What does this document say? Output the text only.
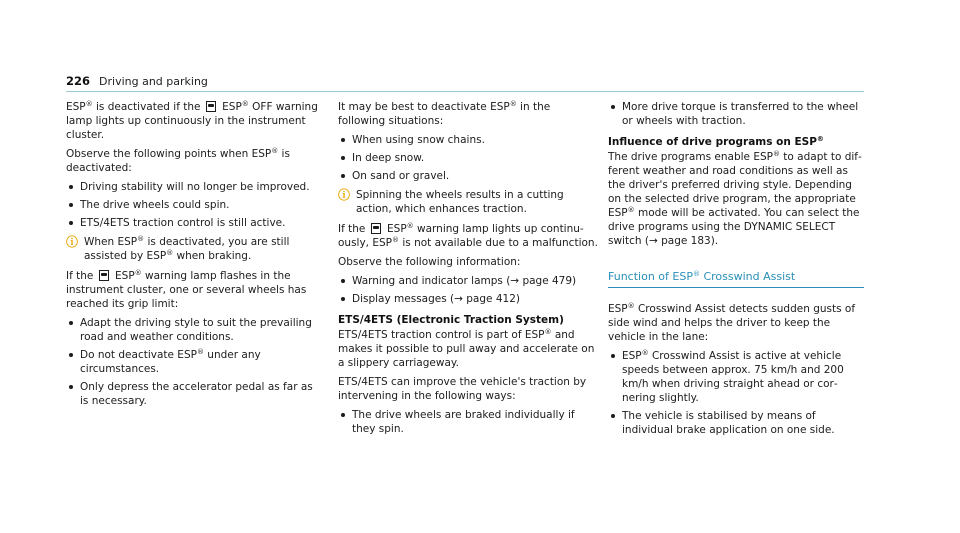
226 Driving and parking

ESP® is deactivated if the  ESP® OFF warning lamp lights up continuously in the instrument cluster.

Observe the following points when ESP® is deactivated:

Driving stability will no longer be improved.
The drive wheels could spin.
ETS/4ETS traction control is still active.
ⓘ When ESP® is deactivated, you are still assisted by ESP® when braking.

If the  ESP® warning lamp flashes in the instrument cluster, one or several wheels has reached its grip limit:

Adapt the driving style to suit the prevailing road and weather conditions.
Do not deactivate ESP® under any circumstances.
Only depress the accelerator pedal as far as is necessary.

It may be best to deactivate ESP® in the following situations:

When using snow chains.
In deep snow.
On sand or gravel.
ⓘ Spinning the wheels results in a cutting action, which enhances traction.

If the  ESP® warning lamp lights up continuously, ESP® is not available due to a malfunction.

Observe the following information:

Warning and indicator lamps (→ page 479)
Display messages (→ page 412)
ETS/4ETS (Electronic Traction System)

ETS/4ETS traction control is part of ESP® and makes it possible to pull away and accelerate on a slippery carriageway.

ETS/4ETS can improve the vehicle's traction by intervening in the following ways:

The drive wheels are braked individually if they spin.
More drive torque is transferred to the wheel or wheels with traction.
Influence of drive programs on ESP®

The drive programs enable ESP® to adapt to different weather and road conditions as well as the driver's preferred driving style. Depending on the selected drive program, the appropriate ESP® mode will be activated. You can select the drive programs using the DYNAMIC SELECT switch (→ page 183).

Function of ESP® Crosswind Assist

ESP® Crosswind Assist detects sudden gusts of side wind and helps the driver to keep the vehicle in the lane:

ESP® Crosswind Assist is active at vehicle speeds between approx. 75 km/h and 200 km/h when driving straight ahead or cornering slightly.
The vehicle is stabilised by means of individual brake application on one side.
